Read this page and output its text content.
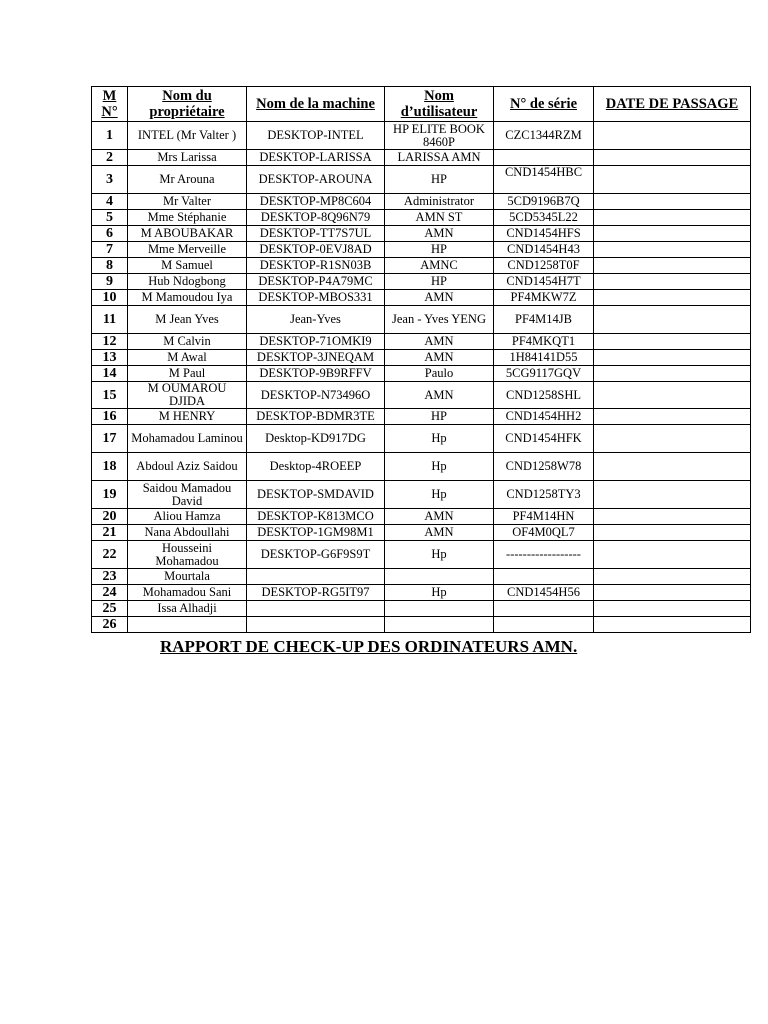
M N°	Nom du propriétaire	Nom de la machine	Nom d’utilisateur	N° de série	DATE DE PASSAGE
1	INTEL (Mr Valter )	DESKTOP-INTEL	HP ELITE BOOK 8460P	CZC1344RZM	
2	Mrs Larissa	DESKTOP-LARISSA	LARISSA AMN		
3	Mr Arouna	DESKTOP-AROUNA	HP	CND1454HBC	
4	Mr Valter	DESKTOP-MP8C604	Administrator	5CD9196B7Q	
5	Mme Stéphanie	DESKTOP-8Q96N79	AMN ST	5CD5345L22	
6	M ABOUBAKAR	DESKTOP-TT7S7UL	AMN	CND1454HFS	
7	Mme Merveille	DESKTOP-0EVJ8AD	HP	CND1454H43	
8	M Samuel	DESKTOP-R1SN03B	AMNC	CND1258T0F	
9	Hub Ndogbong	DESKTOP-P4A79MC	HP	CND1454H7T	
10	M Mamoudou Iya	DESKTOP-MBOS331	AMN	PF4MKW7Z	
11	M Jean Yves	Jean-Yves	Jean - Yves YENG	PF4M14JB	
12	M Calvin	DESKTOP-71OMKI9	AMN	PF4MKQT1	
13	M Awal	DESKTOP-3JNEQAM	AMN	1H84141D55	
14	M Paul	DESKTOP-9B9RFFV	Paulo	5CG9117GQV	
15	M OUMAROU DJIDA	DESKTOP-N73496O	AMN	CND1258SHL	
16	M HENRY	DESKTOP-BDMR3TE	HP	CND1454HH2	
17	Mohamadou Laminou	Desktop-KD917DG	Hp	CND1454HFK	
18	Abdoul Aziz Saidou	Desktop-4ROEEP	Hp	CND1258W78	
19	Saidou Mamadou David	DESKTOP-SMDAVID	Hp	CND1258TY3	
20	Aliou Hamza	DESKTOP-K813MCO	AMN	PF4M14HN	
21	Nana Abdoullahi	DESKTOP-1GM98M1	AMN	OF4M0QL7	
22	Housseini Mohamadou	DESKTOP-G6F9S9T	Hp	------------------	
23	Mourtala				
24	Mohamadou Sani	DESKTOP-RG5IT97	Hp	CND1454H56	
25	Issa Alhadji				
26					
RAPPORT DE CHECK-UP DES ORDINATEURS AMN.
